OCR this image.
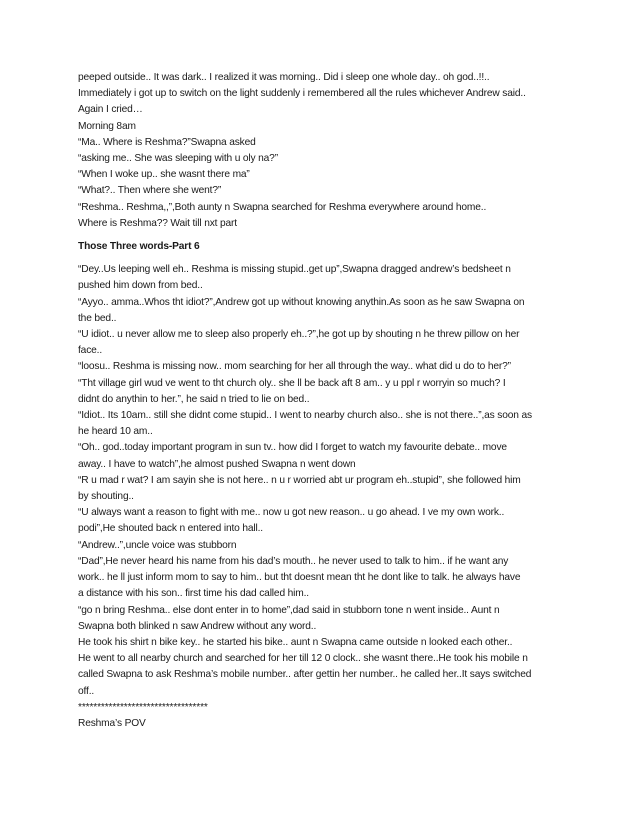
peeped outside.. It was dark.. I realized it was morning.. Did i sleep one whole day.. oh god..!!..

Immediately i got up to switch on the light suddenly i remembered all the rules whichever Andrew said..

Again I cried…

Morning 8am

“Ma.. Where is Reshma?”Swapna asked

“asking me.. She was sleeping with u oly na?”

“When I woke up.. she wasnt there ma”

“What?.. Then where she went?”

“Reshma.. Reshma,,”,Both aunty n Swapna searched for Reshma everywhere around home..

Where is Reshma?? Wait till nxt part

Those Three words-Part 6

“Dey..Us leeping well eh.. Reshma is missing stupid..get up”,Swapna dragged andrew’s bedsheet n

pushed him down from bed..

“Ayyo.. amma..Whos tht idiot?”,Andrew got up without knowing anythin.As soon as he saw Swapna on

the bed..

“U idiot.. u never allow me to sleep also properly eh..?”,he got up by shouting n he threw pillow on her

face..

“loosu.. Reshma is missing now.. mom searching for her all through the way.. what did u do to her?”

“Tht village girl wud ve went to tht church oly.. she ll be back aft 8 am.. y u ppl r worryin so much? I

didnt do anythin to her.”, he said n tried to lie on bed..

“Idiot.. Its 10am.. still she didnt come stupid.. I went to nearby church also.. she is not there..”,as soon as

he heard 10 am..

“Oh.. god..today important program in sun tv.. how did I forget to watch my favourite debate.. move

away.. I have to watch”,he almost pushed Swapna n went down

“R u mad r wat? I am sayin she is not here.. n u r worried abt ur program eh..stupid”, she followed him

by shouting..

“U always want a reason to fight with me.. now u got new reason.. u go ahead. I ve my own work..

podi”,He shouted back n entered into hall..

“Andrew..”,uncle voice was stubborn

“Dad”,He never heard his name from his dad’s mouth.. he never used to talk to him.. if he want any

work.. he ll just inform mom to say to him.. but tht doesnt mean tht he dont like to talk. he always have

a distance with his son.. first time his dad called him..

“go n bring Reshma.. else dont enter in to home”,dad said in stubborn tone n went inside.. Aunt n

Swapna both blinked n saw Andrew without any word..

He took his shirt n bike key.. he started his bike.. aunt n Swapna came outside n looked each other..

He went to all nearby church and searched for her till 12 0 clock.. she wasnt there..He took his mobile n

called Swapna to ask Reshma’s mobile number.. after gettin her number.. he called her..It says switched

off..

**********************************

Reshma’s POV
